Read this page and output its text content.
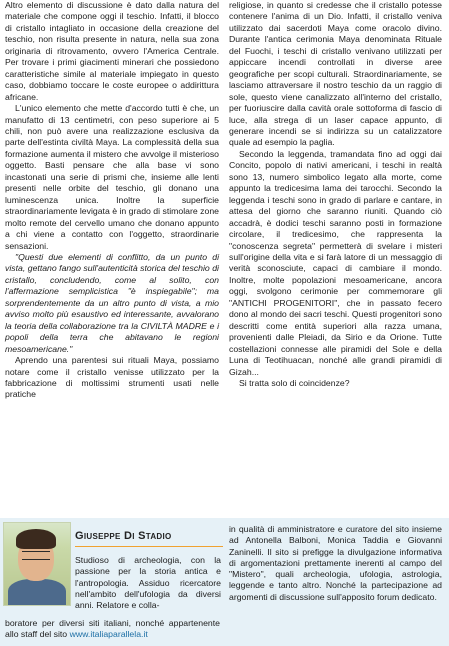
Altro elemento di discussione è dato dalla natura del materiale che compone oggi il teschio. Infatti, il blocco di cristallo intagliato in occasione della creazione del teschio, non risulta presente in natura, nella sua zona originaria di ritrovamento, ovvero l'America Centrale. Per trovare i primi giacimenti minerari che possiedono caratteristiche simile al materiale impiegato in questo caso, dobbiamo toccare le coste europee o addirittura africane.

L'unico elemento che mette d'accordo tutti è che, un manufatto di 13 centimetri, con peso superiore ai 5 chili, non può avere una realizzazione esclusiva da parte dell'estinta civiltà Maya. La complessità della sua formazione aumenta il mistero che avvolge il misterioso oggetto. Basti pensare che alla base vi sono incastonati una serie di prismi che, insieme alle lenti presenti nelle orbite del teschio, gli donano una luminescenza unica. Inoltre la superficie straordinariamente levigata è in grado di stimolare zone molto remote del cervello umano che donano appunto a chi viene a contatto con l'oggetto, straordinarie sensazioni.

"Questi due elementi di conflitto, da un punto di vista, gettano fango sull'autenticità storica del teschio di cristallo, concludendo, come al solito, con l'affermazione semplicistica "è inspiegabile"; ma sorprendentemente da un altro punto di vista, a mio avviso molto più esaustivo ed interessante, avvalorano la teoria della collaborazione tra la CIVILTÀ MADRE e i popoli della terra che abitavano le regioni mesoamericane."

Aprendo una parentesi sui rituali Maya, possiamo notare come il cristallo venisse utilizzato per la fabbricazione di moltissimi strumenti usati nelle pratiche

religiose, in quanto si credesse che il cristallo potesse contenere l'anima di un Dio. Infatti, il cristallo veniva utilizzato dai sacerdoti Maya come oracolo divino. Durante l'antica cerimonia Maya denominata Rituale del Fuochi, i teschi di cristallo venivano utilizzati per appiccare incendi controllati in diverse aree geografiche per scopi culturali. Straordinariamente, se lasciamo attraversare il nostro teschio da un raggio di sole, questo viene canalizzato all'interno del cristallo, per fuoriuscire dalla cavità orale sottoforma di fascio di luce, alla strega di un laser capace appunto, di generare incendi se si indirizza su un catalizzatore quale ad esempio la paglia.

Secondo la leggenda, tramandata fino ad oggi dai Concito, popolo di nativi americani, i teschi in realtà sono 13, numero simbolico legato alla morte, come appunto la tredicesima lama dei tarocchi. Secondo la leggenda i teschi sono in grado di parlare e cantare, in attesa del giorno che saranno riuniti. Quando ciò accadrà, è dodici teschi saranno posti in formazione circolare, il tredicesimo, che rappresenta la "conoscenza segreta" permetterà di svelare i misteri sull'origine della vita e si farà latore di un messaggio di verità sconosciute, capaci di cambiare il mondo. Inoltre, molte popolazioni mesoamericane, ancora oggi, svolgono cerimonie per commemorare gli "ANTICHI PROGENITORI", che in passato fecero dono al mondo dei sacri teschi. Questi progenitori sono descritti come entità superiori alla razza umana, provenienti dalle Pleiadi, da Sirio e da Orione. Tutte costellazioni connesse alle piramidi del Sole e della Luna di Teotihuacan, nonché alle grandi piramidi di Gizah...

Si tratta solo di coincidenze?

Giuseppe Di Stadio
Studioso di archeologia, con la passione per la storia antica e l'antropologia. Assiduo ricercatore nell'ambito dell'ufologia da diversi anni. Relatore e colla-
boratore per diversi siti italiani, nonché appartenente allo staff del sito www.italiaparallela.it
in qualità di amministratore e curatore del sito insieme ad Antonella Balboni, Monica Taddia e Giovanni Zaninelli. Il sito si prefigge la divulgazione informativa di argomentazioni prettamente inerenti al campo del "Mistero", quali archeologia, ufologia, astrologia, leggende e tanto altro. Nonché la partecipazione ad argomenti di discussione sull'apposito forum dedicato.
